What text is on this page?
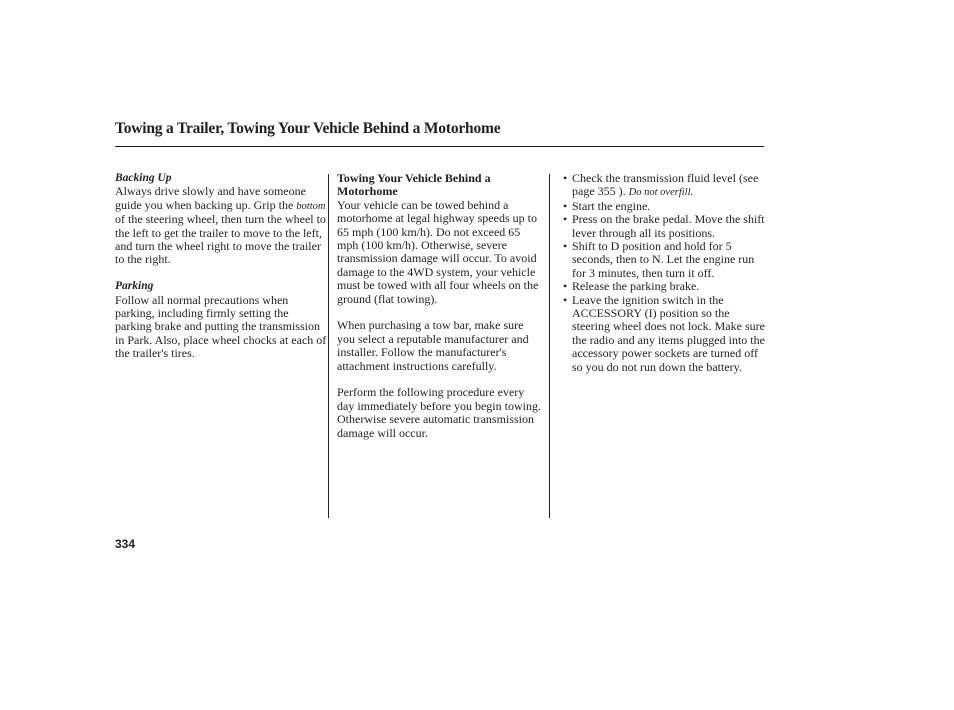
Towing a Trailer, Towing Your Vehicle Behind a Motorhome
Backing Up

Always drive slowly and have someone guide you when backing up. Grip the bottom of the steering wheel, then turn the wheel to the left to get the trailer to move to the left, and turn the wheel right to move the trailer to the right.

Parking

Follow all normal precautions when parking, including firmly setting the parking brake and putting the transmission in Park. Also, place wheel chocks at each of the trailer's tires.

Towing Your Vehicle Behind a Motorhome

Your vehicle can be towed behind a motorhome at legal highway speeds up to 65 mph (100 km/h). Do not exceed 65 mph (100 km/h). Otherwise, severe transmission damage will occur. To avoid damage to the 4WD system, your vehicle must be towed with all four wheels on the ground (flat towing).

When purchasing a tow bar, make sure you select a reputable manufacturer and installer. Follow the manufacturer's attachment instructions carefully.

Perform the following procedure every day immediately before you begin towing. Otherwise severe automatic transmission damage will occur.

• Check the transmission fluid level (see page 355 ). Do not overfill.
• Start the engine.
• Press on the brake pedal. Move the shift lever through all its positions.
• Shift to D position and hold for 5 seconds, then to N. Let the engine run for 3 minutes, then turn it off.
• Release the parking brake.
• Leave the ignition switch in the ACCESSORY (I) position so the steering wheel does not lock. Make sure the radio and any items plugged into the accessory power sockets are turned off so you do not run down the battery.
334
